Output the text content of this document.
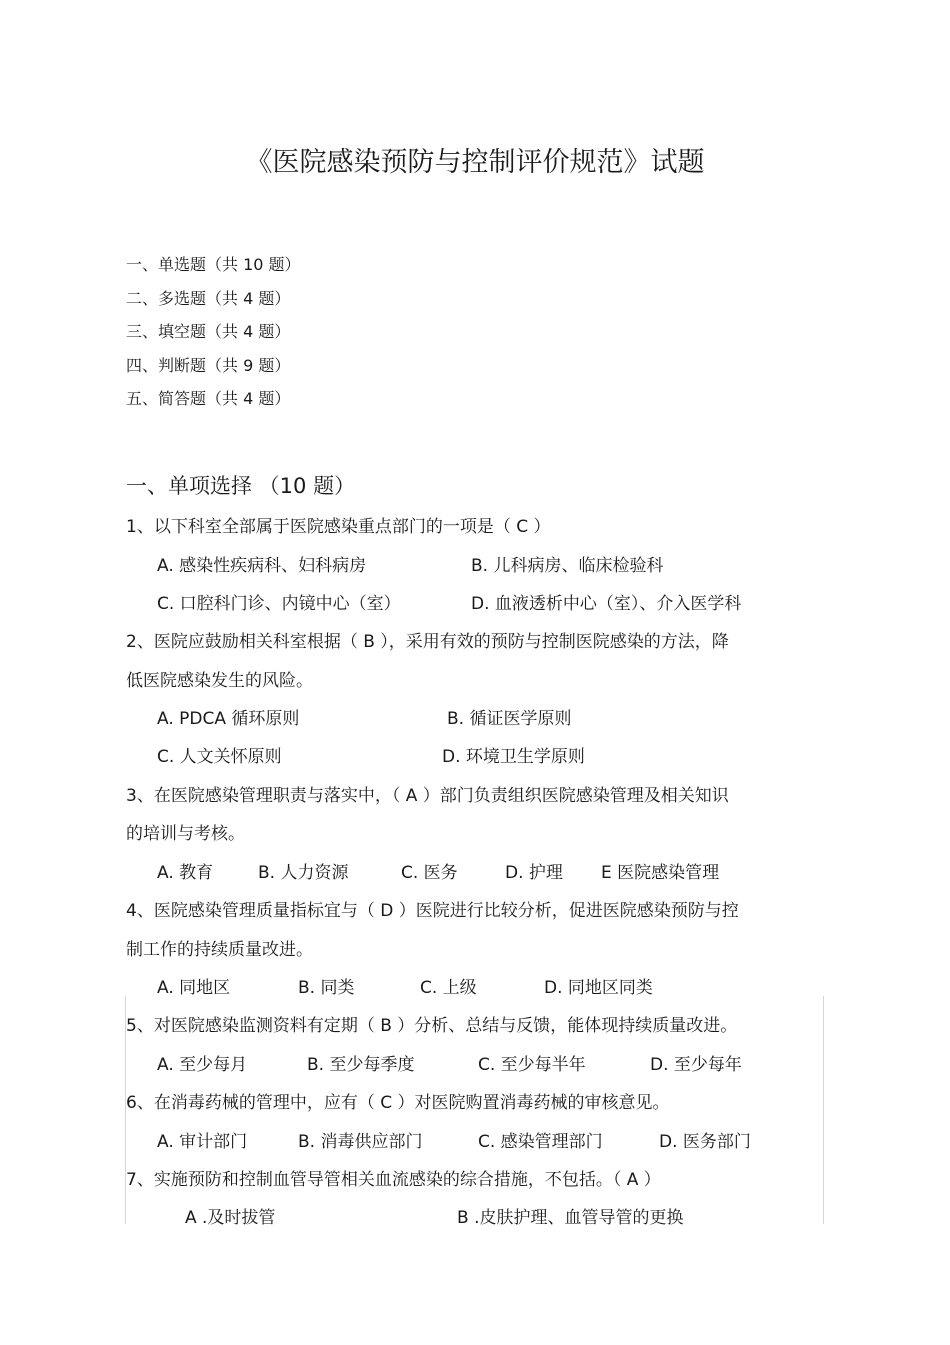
《医院感染预防与控制评价规范》试题
一、单选题（共 10 题）
二、多选题（共 4 题）
三、填空题（共 4 题）
四、判断题（共 9 题）
五、简答题（共 4 题）
一、单项选择 （10 题）
1、以下科室全部属于医院感染重点部门的一项是（ C ）
A. 感染性疾病科、妇科病房	B. 儿科病房、临床检验科
C. 口腔科门诊、内镜中心（室）	D. 血液透析中心（室）、介入医学科
2、医院应鼓励相关科室根据（ B ），采用有效的预防与控制医院感染的方法，降
低医院感染发生的风险。
A. PDCA 循环原则	B. 循证医学原则
C. 人文关怀原则	D. 环境卫生学原则
3、在医院感染管理职责与落实中，（ A ）部门负责组织医院感染管理及相关知识
的培训与考核。
A. 教育	B. 人力资源	C. 医务	D. 护理 E 医院感染管理
4、医院感染管理质量指标宜与（ D ）医院进行比较分析，促进医院感染预防与控
制工作的持续质量改进。
A. 同地区	B. 同类	C. 上级	D. 同地区同类
5、对医院感染监测资料有定期（ B ）分析、总结与反馈，能体现持续质量改进。
A. 至少每月	B. 至少每季度	C. 至少每半年	D. 至少每年
6、在消毒药械的管理中，应有（ C ）对医院购置消毒药械的审核意见。
A. 审计部门	B. 消毒供应部门	C. 感染管理部门	D. 医务部门
7、实施预防和控制血管导管相关血流感染的综合措施，不包括。（ A ）
A .及时拔管	B .皮肤护理、血管导管的更换
